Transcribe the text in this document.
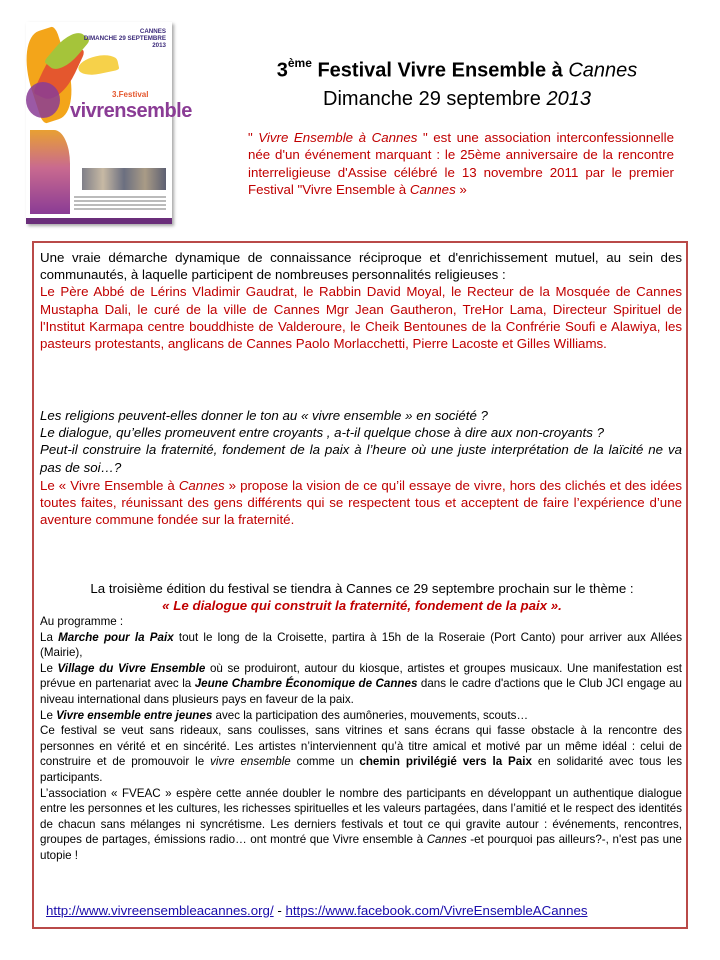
CANNES
DIMANCHE 29 SEPTEMBRE
2013
3.Festival
vivrensemble
3ème Festival Vivre Ensemble à Cannes
Dimanche 29 septembre 2013
" Vivre Ensemble à Cannes " est une association interconfessionnelle née d'un événement marquant : le 25ème anniversaire de la rencontre interreligieuse d'Assise célébré le 13 novembre 2011 par le premier Festival "Vivre Ensemble à Cannes »
Une vraie démarche dynamique de connaissance réciproque et d'enrichissement mutuel, au sein des communautés, à laquelle participent de nombreuses personnalités religieuses :
Le Père Abbé de Lérins Vladimir Gaudrat, le Rabbin David Moyal, le Recteur de la Mosquée de Cannes Mustapha Dali, le curé de la ville de Cannes Mgr Jean Gautheron, TreHor Lama, Directeur Spirituel de l'Institut Karmapa centre bouddhiste de Valderoure, le Cheik Bentounes de la Confrérie Soufi e Alawiya, les pasteurs protestants, anglicans de Cannes Paolo Morlacchetti, Pierre Lacoste et Gilles Williams.
Les religions peuvent-elles donner le ton au « vivre ensemble » en société ?
Le dialogue, qu’elles promeuvent entre croyants , a-t-il quelque chose à dire aux non-croyants ?
Peut-il construire la fraternité, fondement de la paix à l’heure où une juste interprétation de la laïcité ne va pas de soi…?
Le « Vivre Ensemble à Cannes » propose la vision de ce qu’il essaye de vivre, hors des clichés et des idées toutes faites, réunissant des gens différents qui se respectent tous et acceptent de faire l’expérience d’une aventure commune fondée sur la fraternité.
La troisième édition du festival se tiendra à Cannes ce 29 septembre prochain sur le thème :
« Le dialogue qui construit la fraternité, fondement de la paix ».
Au programme :
La Marche pour la Paix tout le long de la Croisette, partira à 15h de la Roseraie (Port Canto) pour arriver aux Allées (Mairie),
Le Village du Vivre Ensemble où se produiront, autour du kiosque, artistes et groupes musicaux. Une manifestation est prévue en partenariat avec la Jeune Chambre Économique de Cannes dans le cadre d'actions que le Club JCI engage au niveau international dans plusieurs pays en faveur de la paix.
Le Vivre ensemble entre jeunes avec la participation des aumôneries, mouvements, scouts…
Ce festival se veut sans rideaux, sans coulisses, sans vitrines et sans écrans qui fasse obstacle à la rencontre des personnes en vérité et en sincérité. Les artistes n’interviennent qu’à titre amical et motivé par un même idéal : celui de construire et de promouvoir le vivre ensemble comme un chemin privilégié vers la Paix en solidarité avec tous les participants.
L’association « FVEAC » espère cette année doubler le nombre des participants en développant un authentique dialogue entre les personnes et les cultures, les richesses spirituelles et les valeurs partagées, dans l’amitié et le respect des identités de chacun sans mélanges ni syncrétisme. Les derniers festivals et tout ce qui gravite autour : événements, rencontres, groupes de partages, émissions radio… ont montré que Vivre ensemble à Cannes -et pourquoi pas ailleurs?-, n'est pas une utopie !
http://www.vivreensembleacannes.org/ - https://www.facebook.com/VivreEnsembleACannes
